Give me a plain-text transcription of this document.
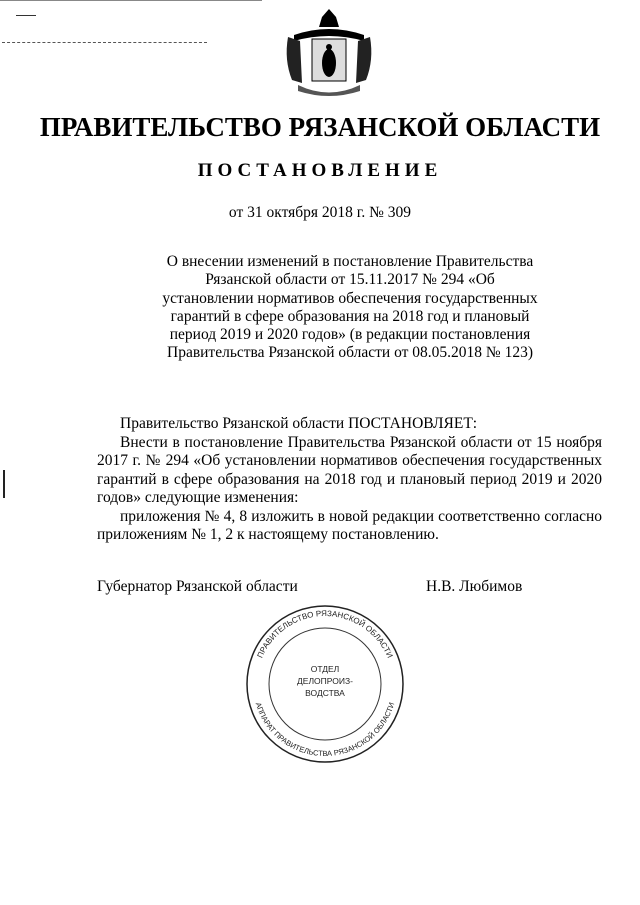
ПРАВИТЕЛЬСТВО РЯЗАНСКОЙ ОБЛАСТИ
ПОСТАНОВЛЕНИЕ
от 31 октября 2018 г. № 309
О внесении изменений в постановление Правительства
Рязанской области от 15.11.2017 № 294 «Об
установлении нормативов обеспечения государственных
гарантий в сфере образования на 2018 год и плановый
период 2019 и 2020 годов» (в редакции постановления
Правительства Рязанской области от 08.05.2018 № 123)

Правительство Рязанской области ПОСТАНОВЛЯЕТ:

Внести в постановление Правительства Рязанской области от 15 ноября 2017 г. № 294 «Об установлении нормативов обеспечения государственных гарантий в сфере образования на 2018 год и плановый период 2019 и 2020 годов» следующие изменения:

приложения № 4, 8 изложить в новой редакции соответственно согласно приложениям № 1, 2 к настоящему постановлению.

Губернатор Рязанской области	Н.В. Любимов
ПРАВИТЕЛЬСТВО РЯЗАНСКОЙ ОБЛАСТИ
АППАРАТ ПРАВИТЕЛЬСТВА РЯЗАНСКОЙ ОБЛАСТИ
ОТДЕЛ
ДЕЛОПРОИЗ-
ВОДСТВА
